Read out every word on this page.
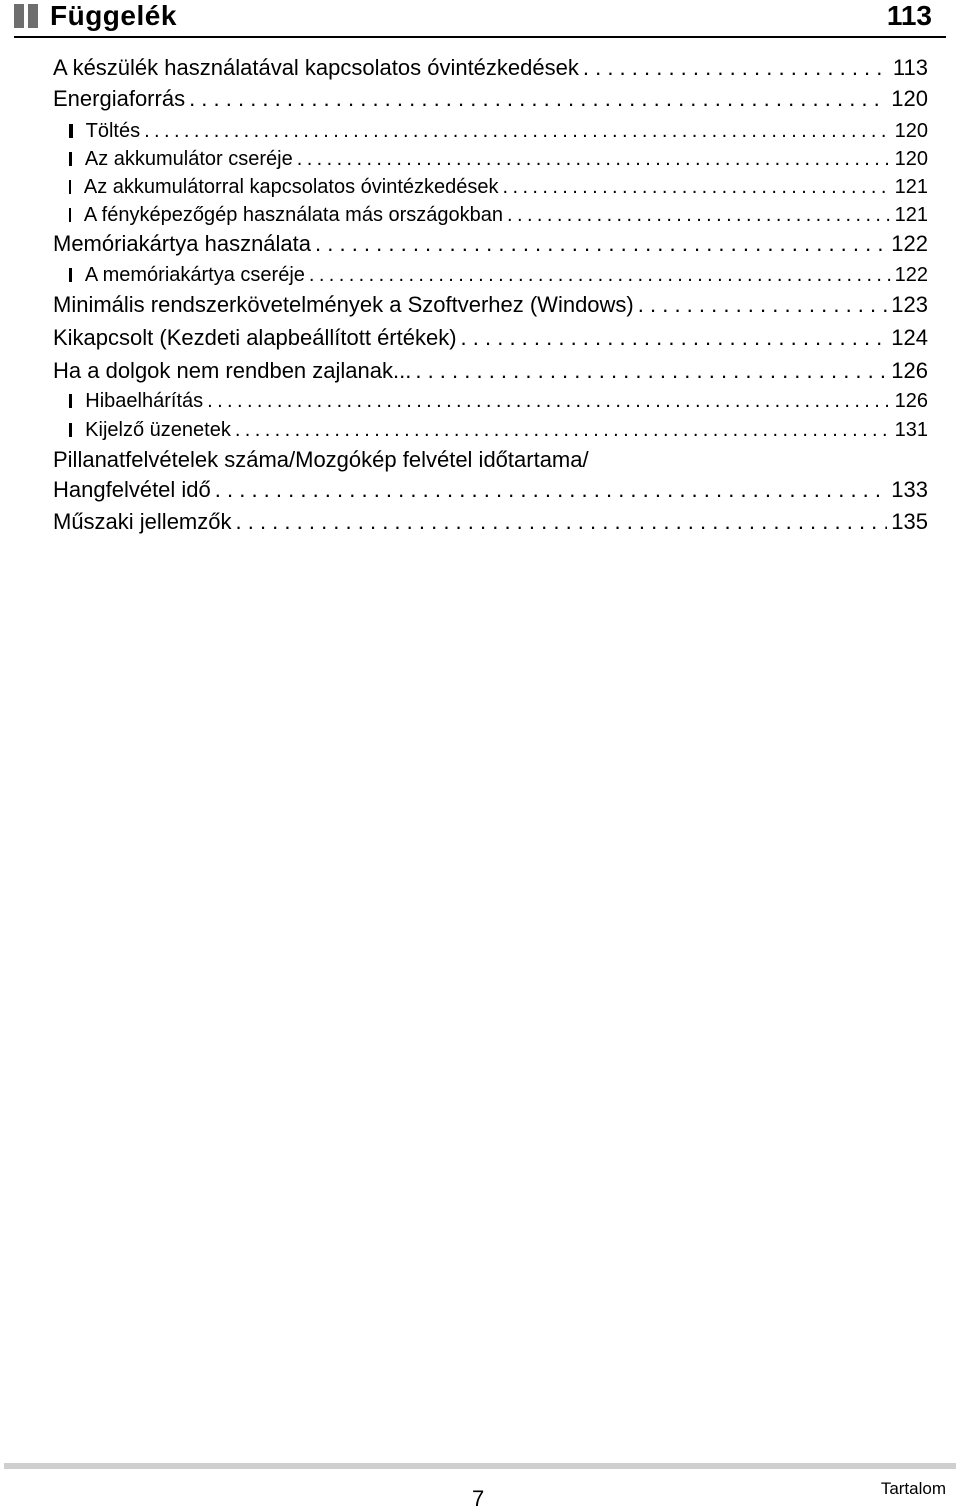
Függelék	113
A készülék használatával kapcsolatos óvintézkedések . . .	113
Energiaforrás . . .	120
Töltés .....	120
Az akkumulátor cseréje .....	120
Az akkumulátorral kapcsolatos óvintézkedések .....	121
A fényképezőgép használata más országokban .....	121
Memóriakártya használata . . .	122
A memóriakártya cseréje .....	122
Minimális rendszerkövetelmények a Szoftverhez (Windows) . . .	123
Kikapcsolt (Kezdeti alapbeállított értékek) . . .	124
Ha a dolgok nem rendben zajlanak... . . .	126
Hibaelhárítás .....	126
Kijelző üzenetek .....	131
Pillanatfelvételek száma/Mozgókép felvétel időtartama/
Hangfelvétel idő . . .	133
Műszaki jellemzők . . .	135
7	Tartalom
